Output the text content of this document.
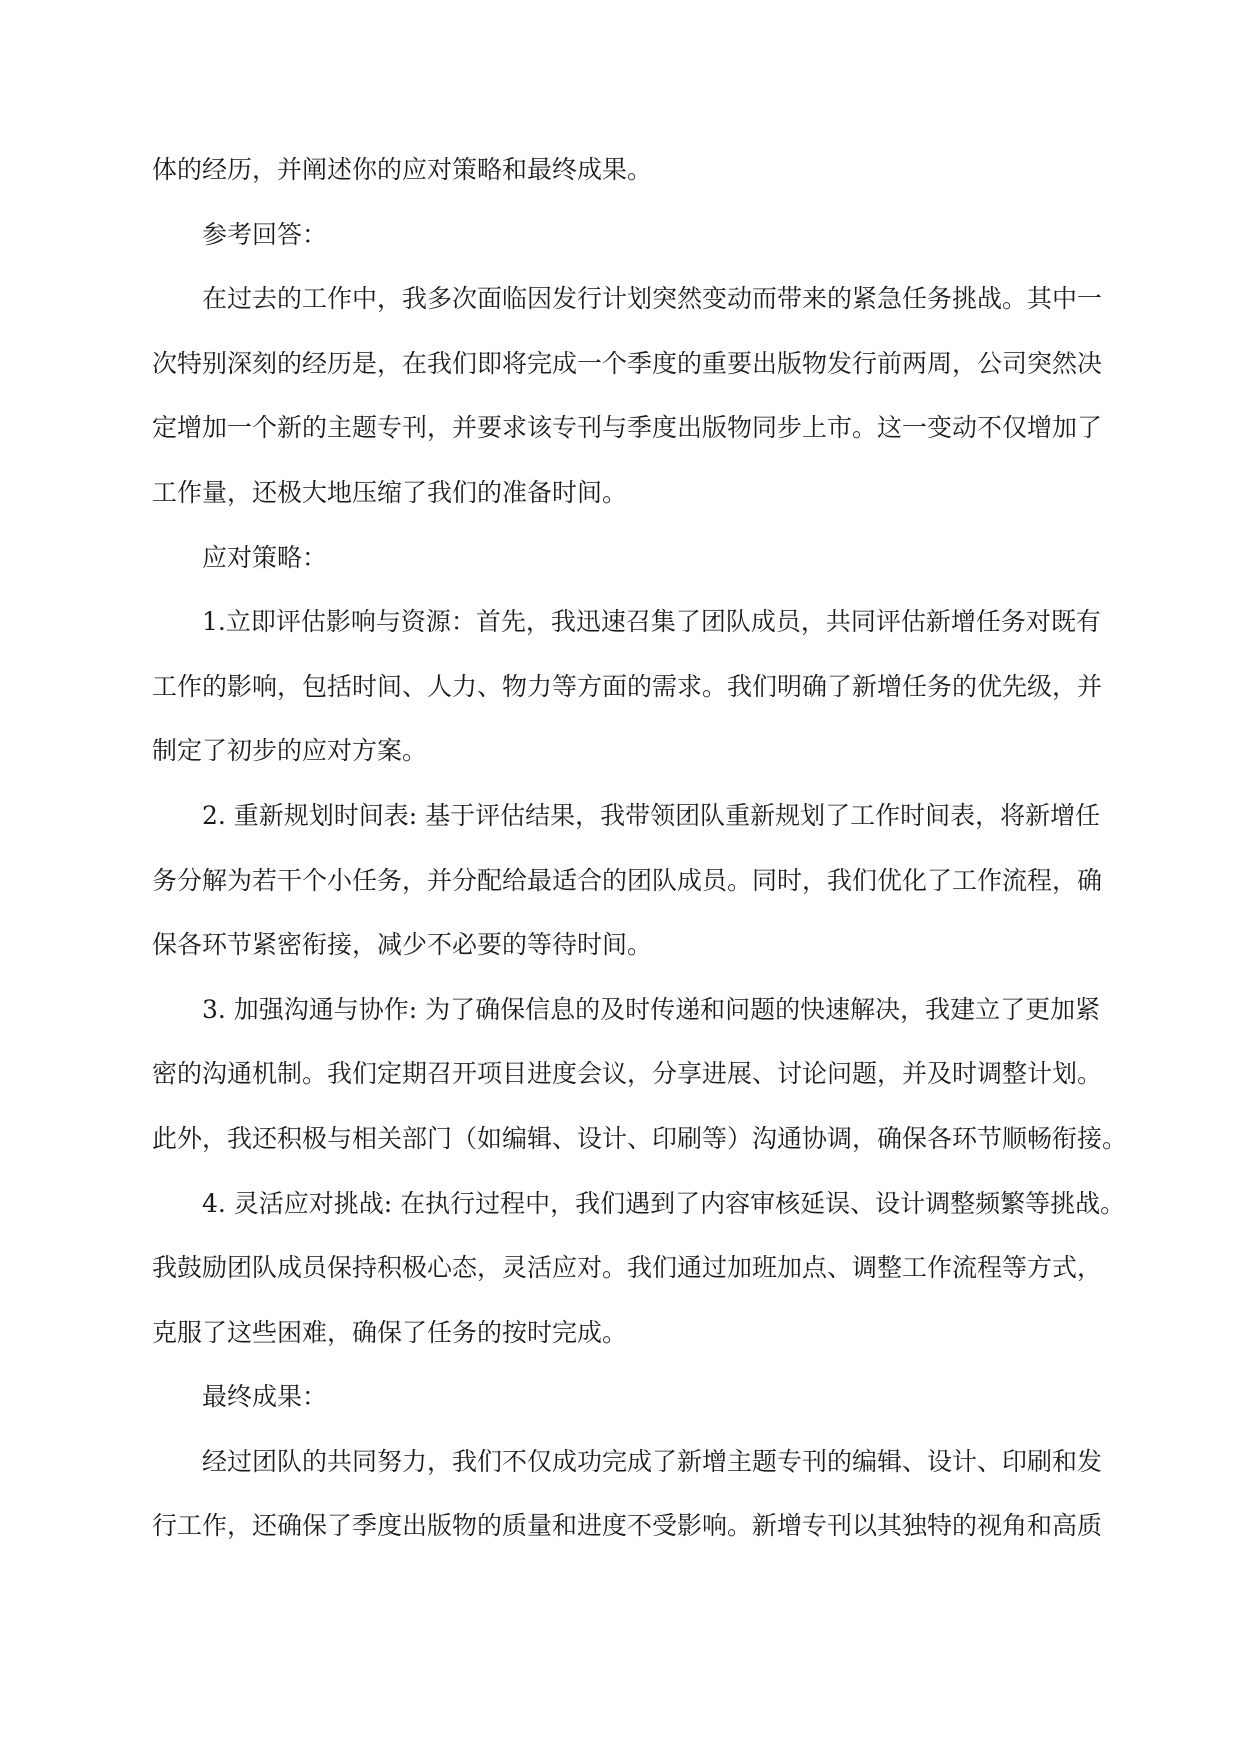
体的经历，并阐述你的应对策略和最终成果。
参考回答：
在过去的工作中，我多次面临因发行计划突然变动而带来的紧急任务挑战。其中一
次特别深刻的经历是，在我们即将完成一个季度的重要出版物发行前两周，公司突然决
定增加一个新的主题专刊，并要求该专刊与季度出版物同步上市。这一变动不仅增加了
工作量，还极大地压缩了我们的准备时间。
应对策略：
1.立即评估影响与资源：首先，我迅速召集了团队成员，共同评估新增任务对既有
工作的影响，包括时间、人力、物力等方面的需求。我们明确了新增任务的优先级，并
制定了初步的应对方案。
2. 重新规划时间表: 基于评估结果，我带领团队重新规划了工作时间表，将新增任
务分解为若干个小任务，并分配给最适合的团队成员。同时，我们优化了工作流程，确
保各环节紧密衔接，减少不必要的等待时间。
3. 加强沟通与协作: 为了确保信息的及时传递和问题的快速解决，我建立了更加紧
密的沟通机制。我们定期召开项目进度会议，分享进展、讨论问题，并及时调整计划。
此外，我还积极与相关部门（如编辑、设计、印刷等）沟通协调，确保各环节顺畅衔接。
4. 灵活应对挑战: 在执行过程中，我们遇到了内容审核延误、设计调整频繁等挑战。
我鼓励团队成员保持积极心态，灵活应对。我们通过加班加点、调整工作流程等方式，
克服了这些困难，确保了任务的按时完成。
最终成果：
经过团队的共同努力，我们不仅成功完成了新增主题专刊的编辑、设计、印刷和发
行工作，还确保了季度出版物的质量和进度不受影响。新增专刊以其独特的视角和高质
